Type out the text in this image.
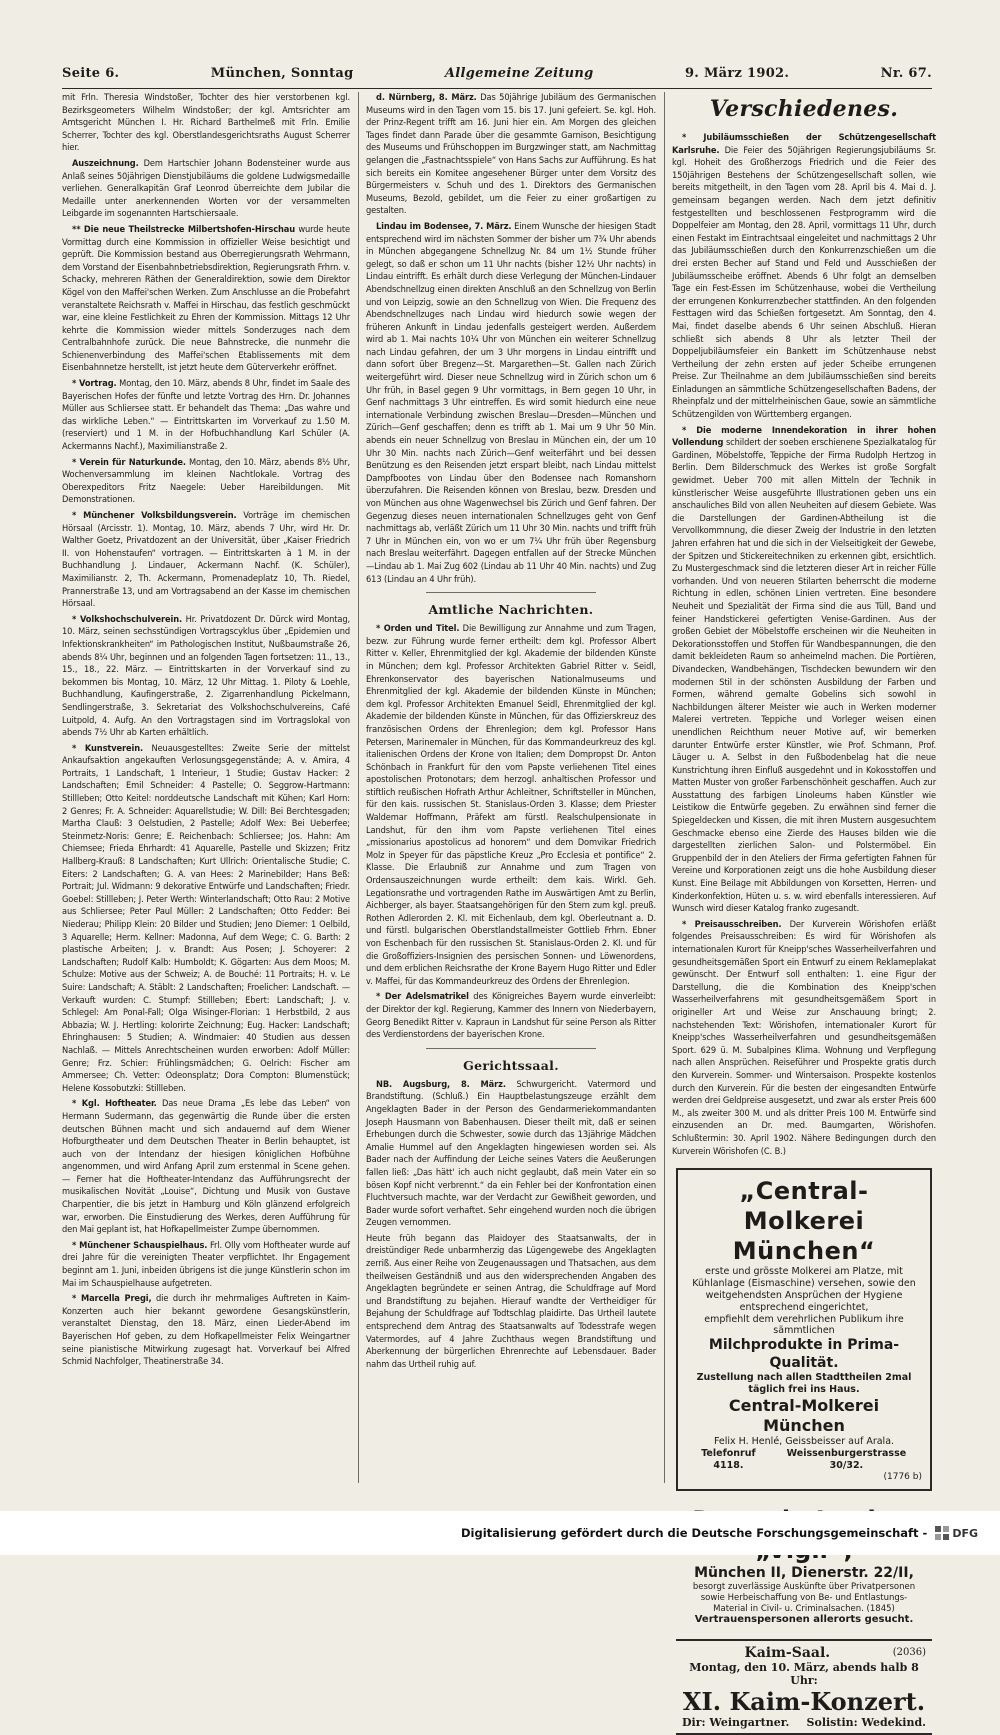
Seite 6.	München, Sonntag	Allgemeine Zeitung	9. März 1902.	Nr. 67.

mit Frln. Theresia Windstoßer, Tochter des hier verstorbenen kgl. Bezirksgeometers Wilhelm Windstoßer; der kgl. Amtsrichter am Amtsgericht München I. Hr. Richard Barthelmeß mit Frln. Emilie Scherrer, Tochter des kgl. Oberstlandesgerichtsraths August Scherrer hier.

Auszeichnung. Dem Hartschier Johann Bodensteiner wurde aus Anlaß seines 50jährigen Dienstjubiläums die goldene Ludwigsmedaille verliehen. Generalkapitän Graf Leonrod überreichte dem Jubilar die Medaille unter anerkennenden Worten vor der versammelten Leibgarde im sogenannten Hartschiersaale.

** Die neue Theilstrecke Milbertshofen-Hirschau wurde heute Vormittag durch eine Kommission in offizieller Weise besichtigt und geprüft. Die Kommission bestand aus Oberregierungsrath Wehrmann, dem Vorstand der Eisenbahnbetriebsdirektion, Regierungsrath Frhrn. v. Schacky, mehreren Räthen der Generaldirektion, sowie dem Direktor Kögel von den Maffei'schen Werken. Zum Anschlusse an die Probefahrt veranstaltete Reichsrath v. Maffei in Hirschau, das festlich geschmückt war, eine kleine Festlichkeit zu Ehren der Kommission. Mittags 12 Uhr kehrte die Kommission wieder mittels Sonderzuges nach dem Centralbahnhofe zurück. Die neue Bahnstrecke, die nunmehr die Schienenverbindung des Maffei'schen Etablissements mit dem Eisenbahnnetze herstellt, ist jetzt heute dem Güterverkehr eröffnet.

* Vortrag. Montag, den 10. März, abends 8 Uhr, findet im Saale des Bayerischen Hofes der fünfte und letzte Vortrag des Hrn. Dr. Johannes Müller aus Schliersee statt. Er behandelt das Thema: „Das wahre und das wirkliche Leben.“ — Eintrittskarten im Vorverkauf zu 1.50 M. (reserviert) und 1 M. in der Hofbuchhandlung Karl Schüler (A. Ackermanns Nachf.), Maximilianstraße 2.

* Verein für Naturkunde. Montag, den 10. März, abends 8½ Uhr, Wochenversammlung im kleinen Nachtlokale. Vortrag des Oberexpeditors Fritz Naegele: Ueber Hareibildungen. Mit Demonstrationen.

* Münchener Volksbildungsverein. Vorträge im chemischen Hörsaal (Arcisstr. 1). Montag, 10. März, abends 7 Uhr, wird Hr. Dr. Walther Goetz, Privatdozent an der Universität, über „Kaiser Friedrich II. von Hohenstaufen“ vortragen. — Eintrittskarten à 1 M. in der Buchhandlung J. Lindauer, Ackermann Nachf. (K. Schüler), Maximilianstr. 2, Th. Ackermann, Promenadeplatz 10, Th. Riedel, Prannerstraße 13, und am Vortragsabend an der Kasse im chemischen Hörsaal.

* Volkshochschulverein. Hr. Privatdozent Dr. Dürck wird Montag, 10. März, seinen sechsstündigen Vortragscyklus über „Epidemien und Infektionskrankheiten“ im Pathologischen Institut, Nußbaumstraße 26, abends 8¼ Uhr, beginnen und an folgenden Tagen fortsetzen: 11., 13., 15., 18., 22. März. — Eintrittskarten in der Vorverkauf sind zu bekommen bis Montag, 10. März, 12 Uhr Mittag. 1. Piloty & Loehle, Buchhandlung, Kaufingerstraße, 2. Zigarrenhandlung Pickelmann, Sendlingerstraße, 3. Sekretariat des Volkshochschulvereins, Café Luitpold, 4. Aufg. An den Vortragstagen sind im Vortragslokal von abends 7½ Uhr ab Karten erhältlich.

* Kunstverein. Neuausgestelltes: Zweite Serie der mittelst Ankaufsaktion angekauften Verlosungsgegenstände; A. v. Amira, 4 Portraits, 1 Landschaft, 1 Interieur, 1 Studie; Gustav Hacker: 2 Landschaften; Emil Schneider: 4 Pastelle; O. Seggrow-Hartmann: Stillleben; Otto Keitel: norddeutsche Landschaft mit Kühen; Karl Horn: 2 Genres; Fr. A. Schneider: Aquarellstudie; W. Dill: Bei Berchtesgaden; Martha Clauß: 3 Oelstudien, 2 Pastelle; Adolf Wex: Bei Ueberfee; Steinmetz-Noris: Genre; E. Reichenbach: Schliersee; Jos. Hahn: Am Chiemsee; Frieda Ehrhardt: 41 Aquarelle, Pastelle und Skizzen; Fritz Hallberg-Krauß: 8 Landschaften; Kurt Ullrich: Orientalische Studie; C. Eiters: 2 Landschaften; G. A. van Hees: 2 Marinebilder; Hans Beß: Portrait; Jul. Widmann: 9 dekorative Entwürfe und Landschaften; Friedr. Goebel: Stillleben; J. Peter Werth: Winterlandschaft; Otto Rau: 2 Motive aus Schliersee; Peter Paul Müller: 2 Landschaften; Otto Fedder: Bei Niederau; Philipp Klein: 20 Bilder und Studien; Jeno Diemer: 1 Oelbild, 3 Aquarelle; Herm. Kellner: Madonna, Auf dem Wege; C. G. Barth: 2 plastische Arbeiten; J. v. Brandt: Aus Posen; J. Schoyerer: 2 Landschaften; Rudolf Kalb: Humboldt; K. Gögarten: Aus dem Moos; M. Schulze: Motive aus der Schweiz; A. de Bouché: 11 Portraits; H. v. Le Suire: Landschaft; A. Stäblt: 2 Landschaften; Froelicher: Landschaft. — Verkauft wurden: C. Stumpf: Stillleben; Ebert: Landschaft; J. v. Schlegel: Am Ponal-Fall; Olga Wisinger-Florian: 1 Herbstbild, 2 aus Abbazia; W. J. Hertling: kolorirte Zeichnung; Eug. Hacker: Landschaft; Ehringhausen: 5 Studien; A. Windmaier: 40 Studien aus dessen Nachlaß. — Mittels Anrechtscheinen wurden erworben: Adolf Müller: Genre; Frz. Schier: Frühlingsmädchen; G. Oelrich: Fischer am Ammersee; Ch. Vetter: Odeonsplatz; Dora Compton: Blumenstück; Helene Kossobutzki: Stillleben.

* Kgl. Hoftheater. Das neue Drama „Es lebe das Leben“ von Hermann Sudermann, das gegenwärtig die Runde über die ersten deutschen Bühnen macht und sich andauernd auf dem Wiener Hofburgtheater und dem Deutschen Theater in Berlin behauptet, ist auch von der Intendanz der hiesigen königlichen Hofbühne angenommen, und wird Anfang April zum erstenmal in Scene gehen. — Ferner hat die Hoftheater-Intendanz das Aufführungsrecht der musikalischen Novität „Louise“, Dichtung und Musik von Gustave Charpentier, die bis jetzt in Hamburg und Köln glänzend erfolgreich war, erworben. Die Einstudierung des Werkes, deren Aufführung für den Mai geplant ist, hat Hofkapellmeister Zumpe übernommen.

* Münchener Schauspielhaus. Frl. Olly vom Hoftheater wurde auf drei Jahre für die vereinigten Theater verpflichtet. Ihr Engagement beginnt am 1. Juni, inbeiden übrigens ist die junge Künstlerin schon im Mai im Schauspielhause aufgetreten.

* Marcella Pregi, die durch ihr mehrmaliges Auftreten in Kaim-Konzerten auch hier bekannt gewordene Gesangskünstlerin, veranstaltet Dienstag, den 18. März, einen Lieder-Abend im Bayerischen Hof geben, zu dem Hofkapellmeister Felix Weingartner seine pianistische Mitwirkung zugesagt hat. Vorverkauf bei Alfred Schmid Nachfolger, Theatinerstraße 34.

d. Nürnberg, 8. März. Das 50jährige Jubiläum des Germanischen Museums wird in den Tagen vom 15. bis 17. Juni gefeiert. Se. kgl. Hoh. der Prinz-Regent trifft am 16. Juni hier ein. Am Morgen des gleichen Tages findet dann Parade über die gesammte Garnison, Besichtigung des Museums und Frühschoppen im Burgzwinger statt, am Nachmittag gelangen die „Fastnachtsspiele“ von Hans Sachs zur Aufführung. Es hat sich bereits ein Komitee angesehener Bürger unter dem Vorsitz des Bürgermeisters v. Schuh und des 1. Direktors des Germanischen Museums, Bezold, gebildet, um die Feier zu einer großartigen zu gestalten.

Lindau im Bodensee, 7. März. Einem Wunsche der hiesigen Stadt entsprechend wird im nächsten Sommer der bisher um 7¾ Uhr abends in München abgegangene Schnellzug Nr. 84 um 1½ Stunde früher gelegt, so daß er schon um 11 Uhr nachts (bisher 12½ Uhr nachts) in Lindau eintrifft. Es erhält durch diese Verlegung der München-Lindauer Abendschnellzug einen direkten Anschluß an den Schnellzug von Berlin und von Leipzig, sowie an den Schnellzug von Wien. Die Frequenz des Abendschnellzuges nach Lindau wird hiedurch sowie wegen der früheren Ankunft in Lindau jedenfalls gesteigert werden. Außerdem wird ab 1. Mai nachts 10¼ Uhr von München ein weiterer Schnellzug nach Lindau gefahren, der um 3 Uhr morgens in Lindau eintrifft und dann sofort über Bregenz—St. Margarethen—St. Gallen nach Zürich weitergeführt wird. Dieser neue Schnellzug wird in Zürich schon um 6 Uhr früh, in Basel gegen 9 Uhr vormittags, in Bern gegen 10 Uhr, in Genf nachmittags 3 Uhr eintreffen. Es wird somit hiedurch eine neue internationale Verbindung zwischen Breslau—Dresden—München und Zürich—Genf geschaffen; denn es trifft ab 1. Mai um 9 Uhr 50 Min. abends ein neuer Schnellzug von Breslau in München ein, der um 10 Uhr 30 Min. nachts nach Zürich—Genf weiterfährt und bei dessen Benützung es den Reisenden jetzt erspart bleibt, nach Lindau mittelst Dampfbootes von Lindau über den Bodensee nach Romanshorn überzufahren. Die Reisenden können von Breslau, bezw. Dresden und von München aus ohne Wagenwechsel bis Zürich und Genf fahren. Der Gegenzug dieses neuen internationalen Schnellzuges geht von Genf nachmittags ab, verläßt Zürich um 11 Uhr 30 Min. nachts und trifft früh 7 Uhr in München ein, von wo er um 7¼ Uhr früh über Regensburg nach Breslau weiterfährt. Dagegen entfallen auf der Strecke München—Lindau ab 1. Mai Zug 602 (Lindau ab 11 Uhr 40 Min. nachts) und Zug 613 (Lindau an 4 Uhr früh).

Amtliche Nachrichten.

* Orden und Titel. Die Bewilligung zur Annahme und zum Tragen, bezw. zur Führung wurde ferner ertheilt: dem kgl. Professor Albert Ritter v. Keller, Ehrenmitglied der kgl. Akademie der bildenden Künste in München; dem kgl. Professor Architekten Gabriel Ritter v. Seidl, Ehrenkonservator des bayerischen Nationalmuseums und Ehrenmitglied der kgl. Akademie der bildenden Künste in München; dem kgl. Professor Architekten Emanuel Seidl, Ehrenmitglied der kgl. Akademie der bildenden Künste in München, für das Offizierskreuz des französischen Ordens der Ehrenlegion; dem kgl. Professor Hans Petersen, Marinemaler in München, für das Kommandeurkreuz des kgl. italienischen Ordens der Krone von Italien; dem Dompropst Dr. Anton Schönbach in Frankfurt für den vom Papste verliehenen Titel eines apostolischen Protonotars; dem herzogl. anhaltischen Professor und stiftlich reußischen Hofrath Arthur Achleitner, Schriftsteller in München, für den kais. russischen St. Stanislaus-Orden 3. Klasse; dem Priester Waldemar Hoffmann, Präfekt am fürstl. Realschulpensionate in Landshut, für den ihm vom Papste verliehenen Titel eines „missionarius apostolicus ad honorem“ und dem Domvikar Friedrich Molz in Speyer für das päpstliche Kreuz „Pro Ecclesia et pontifice“ 2. Klasse. Die Erlaubniß zur Annahme und zum Tragen von Ordensauszeichnungen wurde ertheilt: dem kais. Wirkl. Geh. Legationsrathe und vortragenden Rathe im Auswärtigen Amt zu Berlin, Aichberger, als bayer. Staatsangehörigen für den Stern zum kgl. preuß. Rothen Adlerorden 2. Kl. mit Eichenlaub, dem kgl. Oberleutnant a. D. und fürstl. bulgarischen Oberstlandstallmeister Gottlieb Frhrn. Ebner von Eschenbach für den russischen St. Stanislaus-Orden 2. Kl. und für die Großoffiziers-Insignien des persischen Sonnen- und Löwenordens, und dem erblichen Reichsrathe der Krone Bayern Hugo Ritter und Edler v. Maffei, für das Kommandeurkreuz des Ordens der Ehrenlegion.

* Der Adelsmatrikel des Königreiches Bayern wurde einverleibt: der Direktor der kgl. Regierung, Kammer des Innern von Niederbayern, Georg Benedikt Ritter v. Kapraun in Landshut für seine Person als Ritter des Verdienstordens der bayerischen Krone.

Gerichtssaal.

NB. Augsburg, 8. März. Schwurgericht. Vatermord und Brandstiftung. (Schluß.) Ein Hauptbelastungszeuge erzählt dem Angeklagten Bader in der Person des Gendarmeriekommandanten Joseph Hausmann von Babenhausen. Dieser theilt mit, daß er seinen Erhebungen durch die Schwester, sowie durch das 13jährige Mädchen Amalie Hummel auf den Angeklagten hingewiesen worden sei. Als Bader nach der Auffindung der Leiche seines Vaters die Aeußerungen fallen ließ: „Das hätt' ich auch nicht geglaubt, daß mein Vater ein so bösen Kopf nicht verbrennt.“ da ein Fehler bei der Konfrontation einen Fluchtversuch machte, war der Verdacht zur Gewißheit geworden, und Bader wurde sofort verhaftet. Sehr eingehend wurden noch die übrigen Zeugen vernommen.

Heute früh begann das Plaidoyer des Staatsanwalts, der in dreistündiger Rede unbarmherzig das Lügengewebe des Angeklagten zerriß. Aus einer Reihe von Zeugenaussagen und Thatsachen, aus dem theilweisen Geständniß und aus den widersprechenden Angaben des Angeklagten begründete er seinen Antrag, die Schuldfrage auf Mord und Brandstiftung zu bejahen. Hierauf wandte der Vertheidiger für Bejahung der Schuldfrage auf Todtschlag plaidirte. Das Urtheil lautete entsprechend dem Antrag des Staatsanwalts auf Todesstrafe wegen Vatermordes, auf 4 Jahre Zuchthaus wegen Brandstiftung und Aberkennung der bürgerlichen Ehrenrechte auf Lebensdauer. Bader nahm das Urtheil ruhig auf.

Verschiedenes.

* Jubiläumsschießen der Schützengesellschaft Karlsruhe. Die Feier des 50jährigen Regierungsjubiläums Sr. kgl. Hoheit des Großherzogs Friedrich und die Feier des 150jährigen Bestehens der Schützengesellschaft sollen, wie bereits mitgetheilt, in den Tagen vom 28. April bis 4. Mai d. J. gemeinsam begangen werden. Nach dem jetzt definitiv festgestellten und beschlossenen Festprogramm wird die Doppelfeier am Montag, den 28. April, vormittags 11 Uhr, durch einen Festakt im Eintrachtsaal eingeleitet und nachmittags 2 Uhr das Jubiläumsschießen durch den Konkurrenzschießen um die drei ersten Becher auf Stand und Feld und Ausschießen der Jubiläumsscheibe eröffnet. Abends 6 Uhr folgt an demselben Tage ein Fest-Essen im Schützenhause, wobei die Vertheilung der errungenen Konkurrenzbecher stattfinden. An den folgenden Festtagen wird das Schießen fortgesetzt. Am Sonntag, den 4. Mai, findet daselbe abends 6 Uhr seinen Abschluß. Hieran schließt sich abends 8 Uhr als letzter Theil der Doppeljubiläumsfeier ein Bankett im Schützenhause nebst Vertheilung der zehn ersten auf jeder Scheibe errungenen Preise. Zur Theilnahme an dem Jubiläumsschießen sind bereits Einladungen an sämmtliche Schützengesellschaften Badens, der Rheinpfalz und der mittelrheinischen Gaue, sowie an sämmtliche Schützengilden von Württemberg ergangen.

* Die moderne Innendekoration in ihrer hohen Vollendung schildert der soeben erschienene Spezialkatalog für Gardinen, Möbelstoffe, Teppiche der Firma Rudolph Hertzog in Berlin. Dem Bilderschmuck des Werkes ist große Sorgfalt gewidmet. Ueber 700 mit allen Mitteln der Technik in künstlerischer Weise ausgeführte Illustrationen geben uns ein anschauliches Bild von allen Neuheiten auf diesem Gebiete. Was die Darstellungen der Gardinen-Abtheilung ist die Vervollkommnung, die dieser Zweig der Industrie in den letzten Jahren erfahren hat und die sich in der Vielseitigkeit der Gewebe, der Spitzen und Stickereitechniken zu erkennen gibt, ersichtlich. Zu Mustergeschmack sind die letzteren dieser Art in reicher Fülle vorhanden. Und von neueren Stilarten beherrscht die moderne Richtung in edlen, schönen Linien vertreten. Eine besondere Neuheit und Spezialität der Firma sind die aus Tüll, Band und feiner Handstickerei gefertigten Venise-Gardinen. Aus der großen Gebiet der Möbelstoffe erscheinen wir die Neuheiten in Dekorationsstoffen und Stoffen für Wandbespannungen, die den damit bekleideten Raum so anheimelnd machen. Die Portièren, Divandecken, Wandbehängen, Tischdecken bewundern wir den modernen Stil in der schönsten Ausbildung der Farben und Formen, während gemalte Gobelins sich sowohl in Nachbildungen älterer Meister wie auch in Werken moderner Malerei vertreten. Teppiche und Vorleger weisen einen unendlichen Reichthum neuer Motive auf, wir bemerken darunter Entwürfe erster Künstler, wie Prof. Schmann, Prof. Läuger u. A. Selbst in den Fußbodenbelag hat die neue Kunstrichtung ihren Einfluß ausgedehnt und in Kokosstoffen und Matten Muster von großer Farbenschönheit geschaffen. Auch zur Ausstattung des farbigen Linoleums haben Künstler wie Leistikow die Entwürfe gegeben. Zu erwähnen sind ferner die Spiegeldecken und Kissen, die mit ihren Mustern ausgesuchtem Geschmacke ebenso eine Zierde des Hauses bilden wie die dargestellten zierlichen Salon- und Polstermöbel. Ein Gruppenbild der in den Ateliers der Firma gefertigten Fahnen für Vereine und Korporationen zeigt uns die hohe Ausbildung dieser Kunst. Eine Beilage mit Abbildungen von Korsetten, Herren- und Kinderkonfektion, Hüten u. s. w. wird ebenfalls interessieren. Auf Wunsch wird dieser Katalog franko zugesandt.

* Preisausschreiben. Der Kurverein Wörishofen erläßt folgendes Preisausschreiben: Es wird für Wörishofen als internationalen Kurort für Kneipp'sches Wasserheilverfahren und gesundheitsgemäßen Sport ein Entwurf zu einem Reklameplakat gewünscht. Der Entwurf soll enthalten: 1. eine Figur der Darstellung, die die Kombination des Kneipp'schen Wasserheilverfahrens mit gesundheitsgemäßem Sport in origineller Art und Weise zur Anschauung bringt; 2. nachstehenden Text: Wörishofen, internationaler Kurort für Kneipp'sches Wasserheilverfahren und gesundheitsgemäßen Sport. 629 ü. M. Subalpines Klima. Wohnung und Verpflegung nach allen Ansprüchen. Reiseführer und Prospekte gratis durch den Kurverein. Sommer- und Wintersaison. Prospekte kostenlos durch den Kurverein. Für die besten der eingesandten Entwürfe werden drei Geldpreise ausgesetzt, und zwar als erster Preis 600 M., als zweiter 300 M. und als dritter Preis 100 M. Entwürfe sind einzusenden an Dr. med. Baumgarten, Wörishofen. Schlußtermin: 30. April 1902. Nähere Bedingungen durch den Kurverein Wörishofen (C. B.)

„Central-Molkerei München“
erste und grösste Molkerei am Platze, mit Kühlanlage (Eismaschine) versehen, sowie den weitgehendsten Ansprüchen der Hygiene entsprechend eingerichtet,
empfiehlt dem verehrlichen Publikum ihre sämmtlichen
Milchprodukte in Prima-Qualität.
Zustellung nach allen Stadttheilen 2mal täglich frei ins Haus.
Central-Molkerei München
Felix H. Henlé, Geissbeisser auf Arala.
Telefonruf 4118.
Weissenburgerstrasse 30/32.
(1776 b)
München II, Dienerstr. 22/II,
besorgt zuverlässige Auskünfte über Privatpersonen sowie Herbeischaffung von Be- und Entlastungs-Material in Civil- u. Criminalsachen. (1845)
Vertrauenspersonen allerorts gesucht.
Kaim-Saal.	(2036)
Montag, den 10. März, abends halb 8 Uhr:
XI. Kaim-Konzert.
Dir: Weingartner. Solistin: Wedekind.
Digitalisierung gefördert durch die Deutsche Forschungsgemeinschaft - DFG
